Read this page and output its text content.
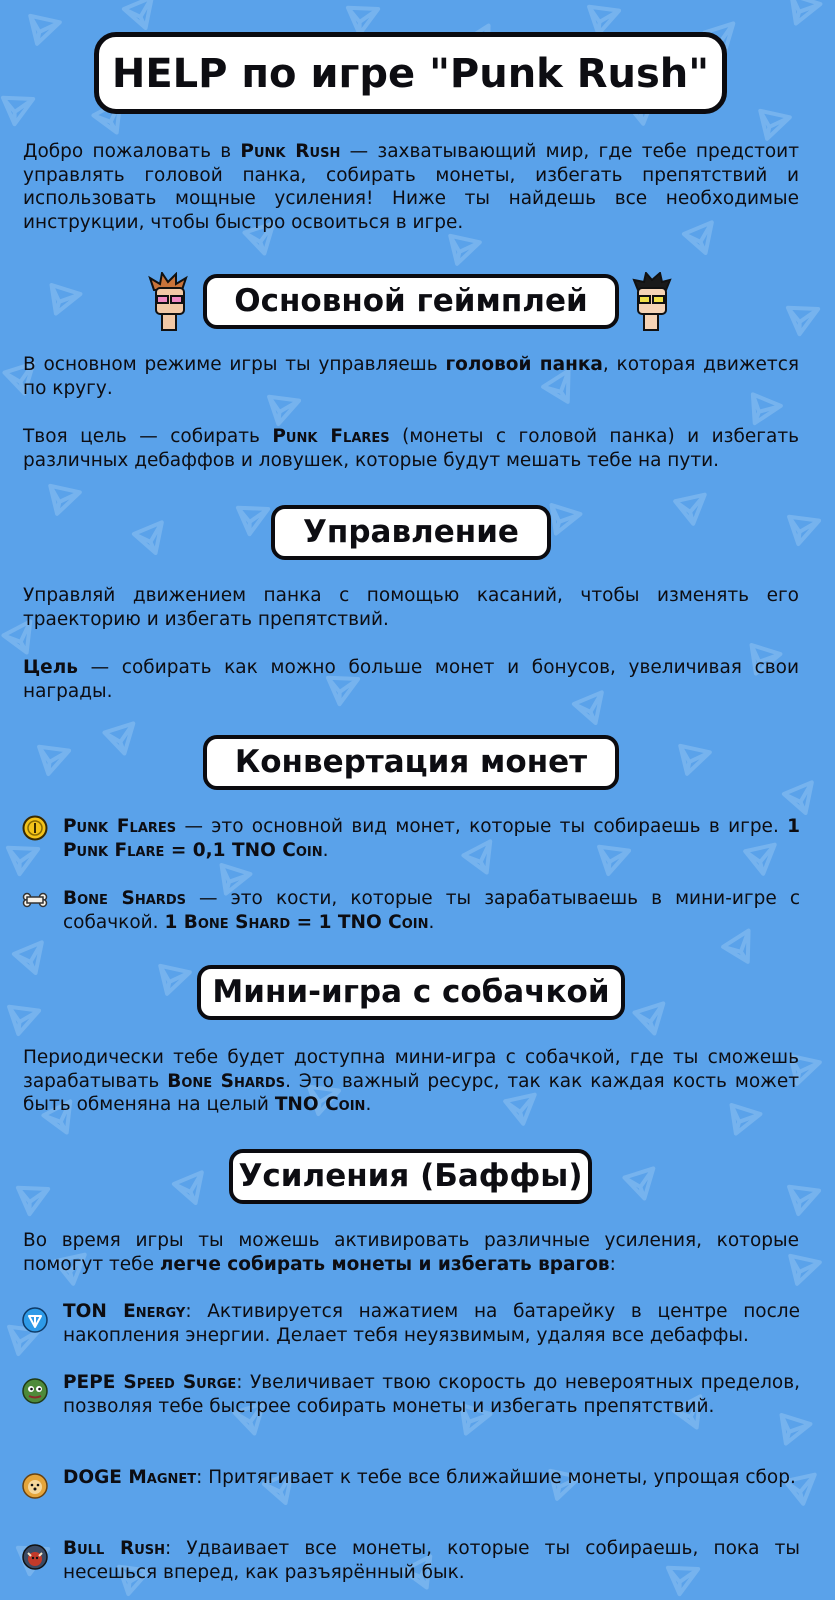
HELP по игре "Punk Rush"

Добро пожаловать в Punk Rush — захватывающий мир, где тебе предстоит управлять головой панка, собирать монеты, избегать препятствий и использовать мощные усиления! Ниже ты найдешь все необходимые инструкции, чтобы быстро освоиться в игре.

Основной геймплей

В основном режиме игры ты управляешь головой панка, которая движется по кругу.

Твоя цель — собирать Punk Flares (монеты с головой панка) и избегать различных дебаффов и ловушек, которые будут мешать тебе на пути.

Управление

Управляй движением панка с помощью касаний, чтобы изменять его траекторию и избегать препятствий.

Цель — собирать как можно больше монет и бонусов, увеличивая свои награды.

Конвертация монет
Punk Flares — это основной вид монет, которые ты собираешь в игре. 1 Punk Flare = 0,1 TNO Coin.
Bone Shards — это кости, которые ты зарабатываешь в мини-игре с собачкой. 1 Bone Shard = 1 TNO Coin.
Мини-игра с собачкой

Периодически тебе будет доступна мини-игра с собачкой, где ты сможешь зарабатывать Bone Shards. Это важный ресурс, так как каждая кость может быть обменяна на целый TNO Coin.

Усиления (Баффы)

Во время игры ты можешь активировать различные усиления, которые помогут тебе легче собирать монеты и избегать врагов:

TON Energy: Активируется нажатием на батарейку в центре после накопления энергии. Делает тебя неуязвимым, удаляя все дебаффы.
PEPE Speed Surge: Увеличивает твою скорость до невероятных пределов, позволяя тебе быстрее собирать монеты и избегать препятствий.
DOGE Magnet: Притягивает к тебе все ближайшие монеты, упрощая сбор.
Bull Rush: Удваивает все монеты, которые ты собираешь, пока ты несешься вперед, как разъярённый бык.
